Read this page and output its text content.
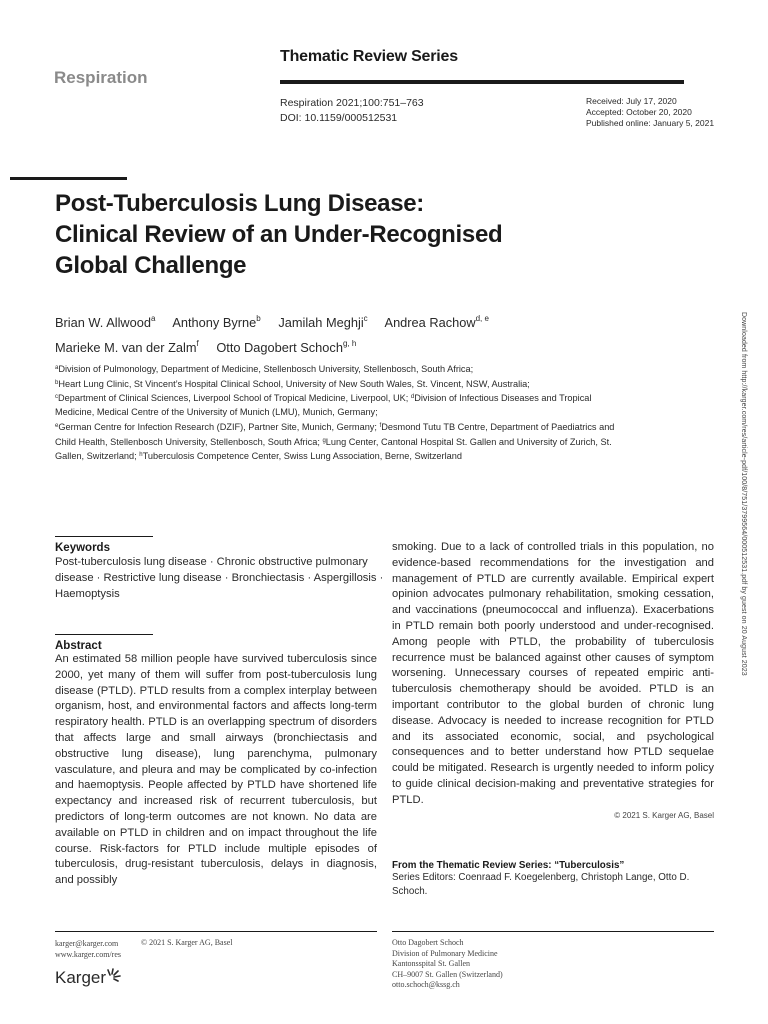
Respiration
Thematic Review Series
Respiration 2021;100:751–763
DOI: 10.1159/000512531
Received: July 17, 2020
Accepted: October 20, 2020
Published online: January 5, 2021
Post-Tuberculosis Lung Disease:
Clinical Review of an Under-Recognised
Global Challenge
Brian W. Allwood$^a$ Anthony Byrne$^b$ Jamilah Meghji$^c$ Andrea Rachow$^{d, e}$
Marieke M. van der Zalm$^f$ Otto Dagobert Schoch$^{g, h}$
$^a$Division of Pulmonology, Department of Medicine, Stellenbosch University, Stellenbosch, South Africa;
$^b$Heart Lung Clinic, St Vincent’s Hospital Clinical School, University of New South Wales, St. Vincent, NSW, Australia;
$^c$Department of Clinical Sciences, Liverpool School of Tropical Medicine, Liverpool, UK; $^d$Division of Infectious Diseases and Tropical Medicine, Medical Centre of the University of Munich (LMU), Munich, Germany;
$^e$German Centre for Infection Research (DZIF), Partner Site, Munich, Germany; $^f$Desmond Tutu TB Centre, Department of Paediatrics and Child Health, Stellenbosch University, Stellenbosch, South Africa; $^g$Lung Center, Cantonal Hospital St. Gallen and University of Zurich, St. Gallen, Switzerland; $^h$Tuberculosis Competence Center, Swiss Lung Association, Berne, Switzerland	Downloaded from http://karger.com/res/article-pdf/100/8/751/3799564/000512531.pdf by guest on 20 August 2023
Keywords
Post-tuberculosis lung disease · Chronic obstructive pulmonary disease · Restrictive lung disease · Bronchiectasis · Aspergillosis · Haemoptysis
Abstract
An estimated 58 million people have survived tuberculosis since 2000, yet many of them will suffer from post-tuberculosis lung disease (PTLD). PTLD results from a complex interplay between organism, host, and environmental factors and affects long-term respiratory health. PTLD is an overlapping spectrum of disorders that affects large and small airways (bronchiectasis and obstructive lung disease), lung parenchyma, pulmonary vasculature, and pleura and may be complicated by co-infection and haemoptysis. People affected by PTLD have shortened life expectancy and increased risk of recurrent tuberculosis, but predictors of long-term outcomes are not known. No data are available on PTLD in children and on impact throughout the life course. Risk-factors for PTLD include multiple episodes of tuberculosis, drug-resistant tuberculosis, delays in diagnosis, and possibly
smoking. Due to a lack of controlled trials in this population, no evidence-based recommendations for the investigation and management of PTLD are currently available. Empirical expert opinion advocates pulmonary rehabilitation, smoking cessation, and vaccinations (pneumococcal and influenza). Exacerbations in PTLD remain both poorly understood and under-recognised. Among people with PTLD, the probability of tuberculosis recurrence must be balanced against other causes of symptom worsening. Unnecessary courses of repeated empiric anti-tuberculosis chemotherapy should be avoided. PTLD is an important contributor to the global burden of chronic lung disease. Advocacy is needed to increase recognition for PTLD and its associated economic, social, and psychological consequences and to better understand how PTLD sequelae could be mitigated. Research is urgently needed to inform policy to guide clinical decision-making and preventative strategies for PTLD.
© 2021 S. Karger AG, Basel
From the Thematic Review Series: “Tuberculosis”
Series Editors: Coenraad F. Koegelenberg, Christoph Lange, Otto D. Schoch.
karger@karger.com
www.karger.com/res
© 2021 S. Karger AG, Basel
Karger
Otto Dagobert Schoch
Division of Pulmonary Medicine
Kantonsspital St. Gallen
CH–9007 St. Gallen (Switzerland)
otto.schoch@kssg.ch
